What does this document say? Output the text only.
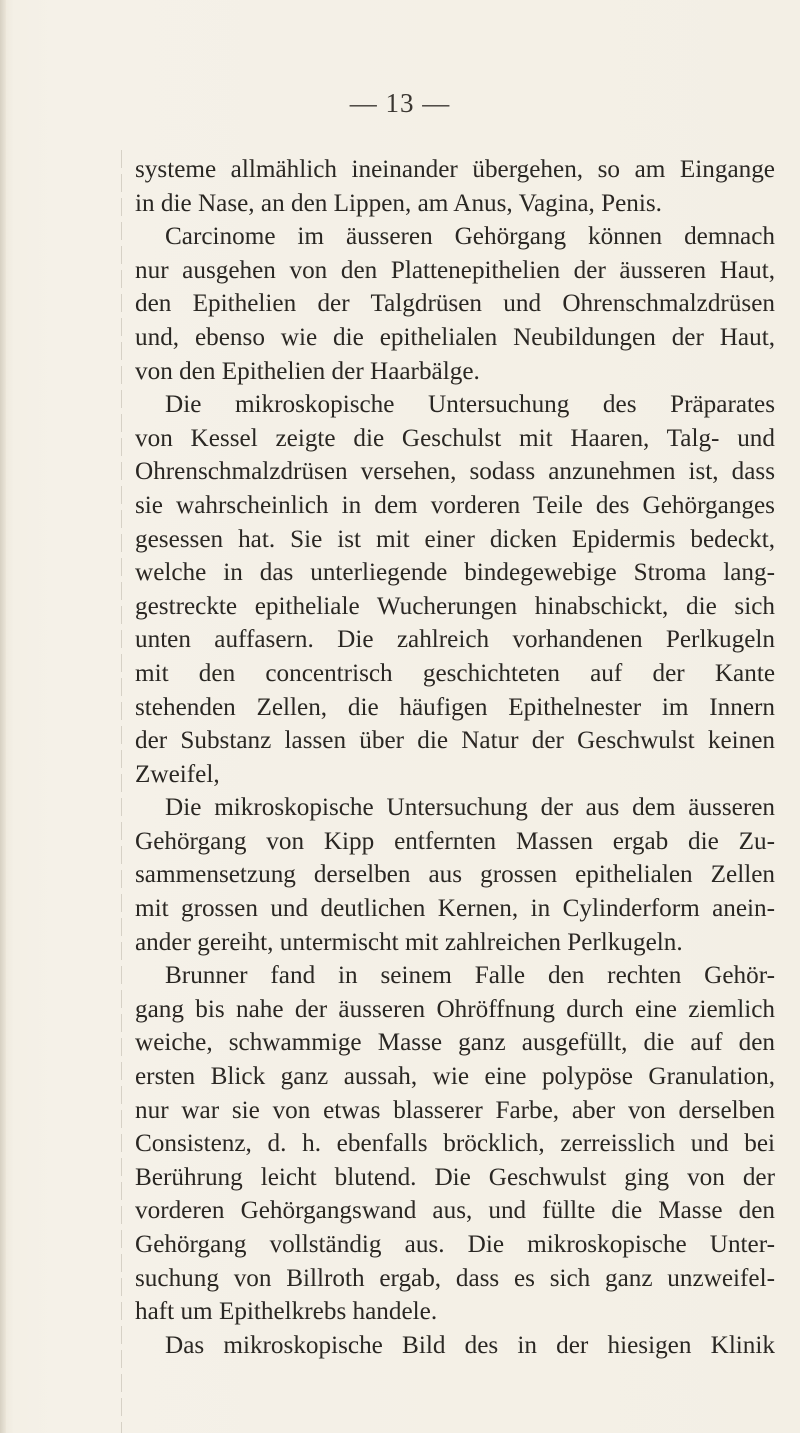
— 13 —
systeme allmählich ineinander übergehen, so am Eingange
in die Nase, an den Lippen, am Anus, Vagina, Penis.
Carcinome im äusseren Gehörgang können demnach
nur ausgehen von den Plattenepithelien der äusseren Haut,
den Epithelien der Talgdrüsen und Ohrenschmalzdrüsen
und, ebenso wie die epithelialen Neubildungen der Haut,
von den Epithelien der Haarbälge.
Die mikroskopische Untersuchung des Präparates
von Kessel zeigte die Geschulst mit Haaren, Talg- und
Ohrenschmalzdrüsen versehen, sodass anzunehmen ist, dass
sie wahrscheinlich in dem vorderen Teile des Gehörganges
gesessen hat. Sie ist mit einer dicken Epidermis bedeckt,
welche in das unterliegende bindegewebige Stroma lang-
gestreckte epitheliale Wucherungen hinabschickt, die sich
unten auffasern. Die zahlreich vorhandenen Perlkugeln
mit den concentrisch geschichteten auf der Kante
stehenden Zellen, die häufigen Epithelnester im Innern
der Substanz lassen über die Natur der Geschwulst keinen
Zweifel,
Die mikroskopische Untersuchung der aus dem äusseren
Gehörgang von Kipp entfernten Massen ergab die Zu-
sammensetzung derselben aus grossen epithelialen Zellen
mit grossen und deutlichen Kernen, in Cylinderform anein-
ander gereiht, untermischt mit zahlreichen Perlkugeln.
Brunner fand in seinem Falle den rechten Gehör-
gang bis nahe der äusseren Ohröffnung durch eine ziemlich
weiche, schwammige Masse ganz ausgefüllt, die auf den
ersten Blick ganz aussah, wie eine polypöse Granulation,
nur war sie von etwas blasserer Farbe, aber von derselben
Consistenz, d. h. ebenfalls bröcklich, zerreisslich und bei
Berührung leicht blutend. Die Geschwulst ging von der
vorderen Gehörgangswand aus, und füllte die Masse den
Gehörgang vollständig aus. Die mikroskopische Unter-
suchung von Billroth ergab, dass es sich ganz unzweifel-
haft um Epithelkrebs handele.
Das mikroskopische Bild des in der hiesigen Klinik
